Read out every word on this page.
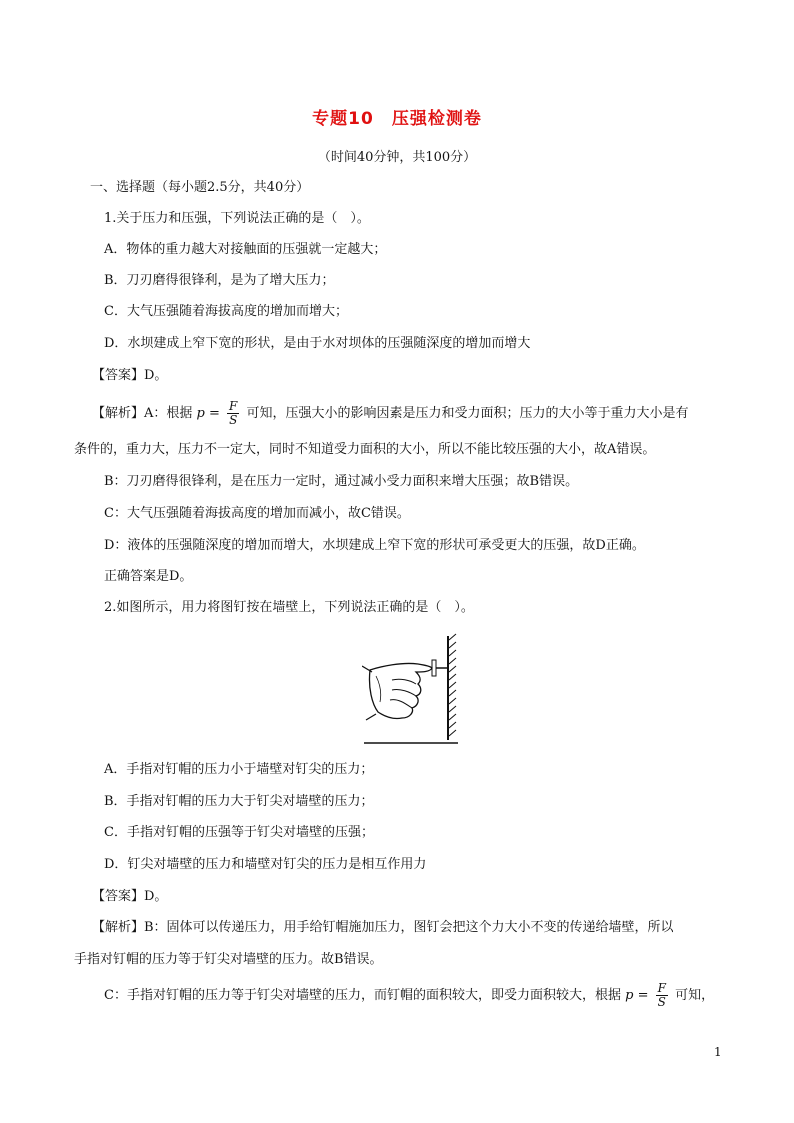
专题10　压强检测卷
（时间40分钟，共100分）
一、选择题（每小题2.5分，共40分）
1.关于压力和压强，下列说法正确的是（　）。
A．物体的重力越大对接触面的压强就一定越大；
B．刀刃磨得很锋利，是为了增大压力；
C．大气压强随着海拔高度的增加而增大；
D．水坝建成上窄下宽的形状，是由于水对坝体的压强随深度的增加而增大
【答案】D。
【解析】A：根据 $p = \frac{F}{S}$ 可知，压强大小的影响因素是压力和受力面积；压力的大小等于重力大小是有
条件的，重力大，压力不一定大，同时不知道受力面积的大小，所以不能比较压强的大小，故A错误。
B：刀刃磨得很锋利，是在压力一定时，通过减小受力面积来增大压强；故B错误。
C：大气压强随着海拔高度的增加而减小，故C错误。
D：液体的压强随深度的增加而增大，水坝建成上窄下宽的形状可承受更大的压强，故D正确。
正确答案是D。
2.如图所示，用力将图钉按在墙壁上，下列说法正确的是（　）。
A．手指对钉帽的压力小于墙壁对钉尖的压力；
B．手指对钉帽的压力大于钉尖对墙壁的压力；
C．手指对钉帽的压强等于钉尖对墙壁的压强；
D．钉尖对墙壁的压力和墙壁对钉尖的压力是相互作用力
【答案】D。
【解析】B：固体可以传递压力，用手给钉帽施加压力，图钉会把这个力大小不变的传递给墙壁，所以
手指对钉帽的压力等于钉尖对墙壁的压力。故B错误。
C：手指对钉帽的压力等于钉尖对墙壁的压力，而钉帽的面积较大，即受力面积较大，根据 $p = \frac{F}{S}$ 可知，
1
